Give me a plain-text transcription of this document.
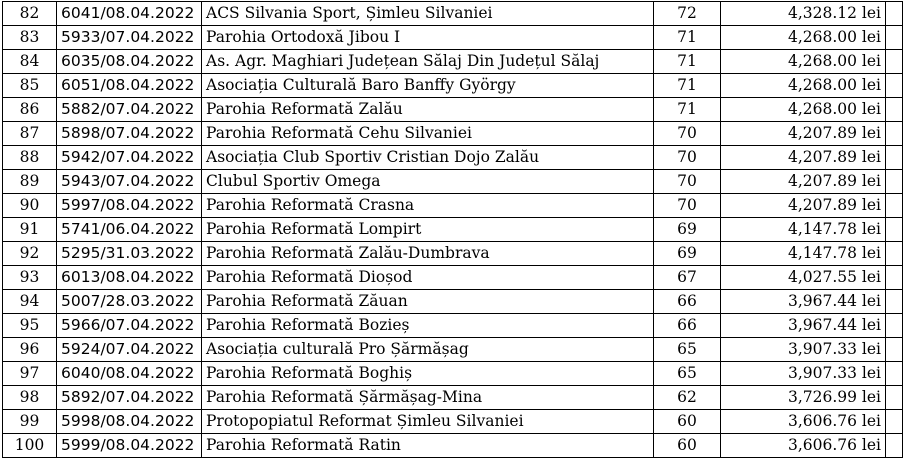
82	6041/08.04.2022	ACS Silvania Sport, Șimleu Silvaniei	72	4,328.12 lei	
83	5933/07.04.2022	Parohia Ortodoxă Jibou I	71	4,268.00 lei	
84	6035/08.04.2022	As. Agr. Maghiari Județean Sălaj Din Județul Sălaj	71	4,268.00 lei	
85	6051/08.04.2022	Asociația Culturală Baro Banffy György	71	4,268.00 lei	
86	5882/07.04.2022	Parohia Reformată Zalău	71	4,268.00 lei	
87	5898/07.04.2022	Parohia Reformată Cehu Silvaniei	70	4,207.89 lei	
88	5942/07.04.2022	Asociația Club Sportiv Cristian Dojo Zalău	70	4,207.89 lei	
89	5943/07.04.2022	Clubul Sportiv Omega	70	4,207.89 lei	
90	5997/08.04.2022	Parohia Reformată Crasna	70	4,207.89 lei	
91	5741/06.04.2022	Parohia Reformată Lompirt	69	4,147.78 lei	
92	5295/31.03.2022	Parohia Reformată Zalău-Dumbrava	69	4,147.78 lei	
93	6013/08.04.2022	Parohia Reformată Dioșod	67	4,027.55 lei	
94	5007/28.03.2022	Parohia Reformată Zăuan	66	3,967.44 lei	
95	5966/07.04.2022	Parohia Reformată Bozieș	66	3,967.44 lei	
96	5924/07.04.2022	Asociația culturală Pro Șărmășag	65	3,907.33 lei	
97	6040/08.04.2022	Parohia Reformată Boghiș	65	3,907.33 lei	
98	5892/07.04.2022	Parohia Reformată Șărmășag-Mina	62	3,726.99 lei	
99	5998/08.04.2022	Protopopiatul Reformat Șimleu Silvaniei	60	3,606.76 lei	
100	5999/08.04.2022	Parohia Reformată Ratin	60	3,606.76 lei	
